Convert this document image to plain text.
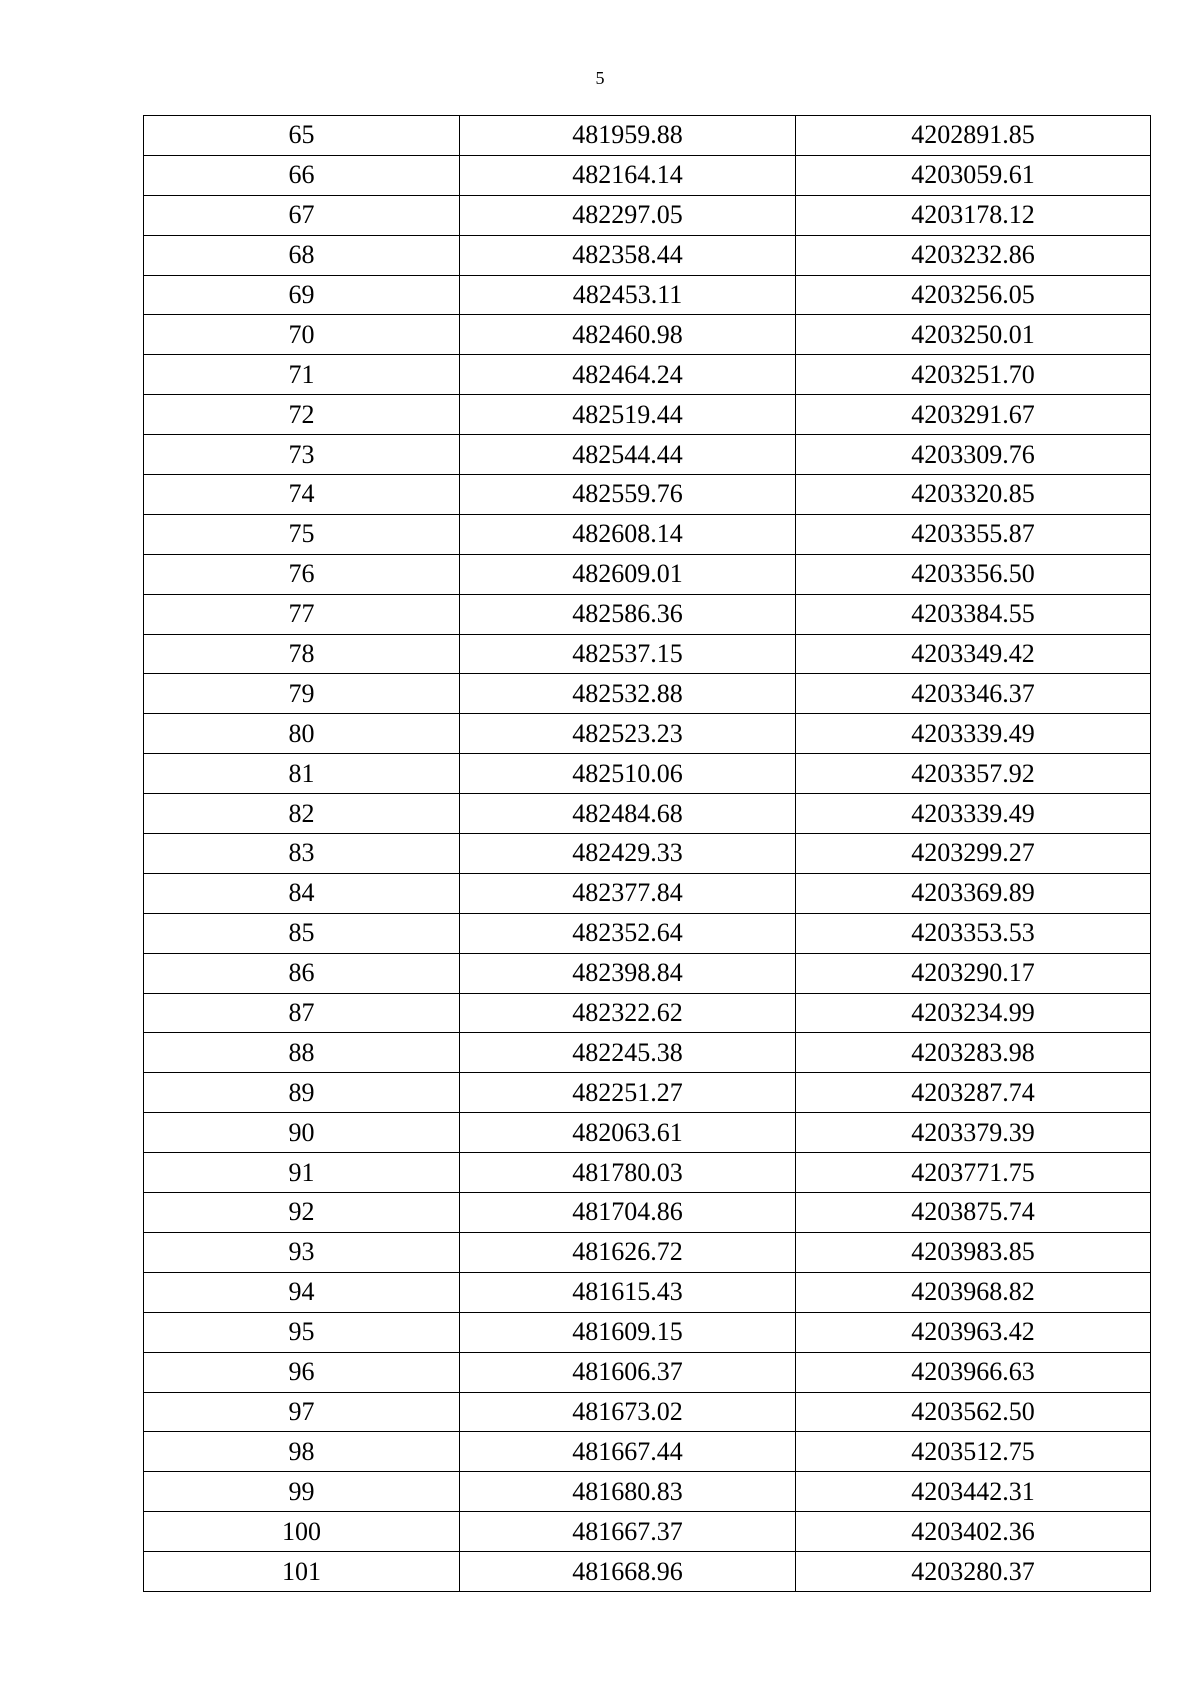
5
65	481959.88	4202891.85
66	482164.14	4203059.61
67	482297.05	4203178.12
68	482358.44	4203232.86
69	482453.11	4203256.05
70	482460.98	4203250.01
71	482464.24	4203251.70
72	482519.44	4203291.67
73	482544.44	4203309.76
74	482559.76	4203320.85
75	482608.14	4203355.87
76	482609.01	4203356.50
77	482586.36	4203384.55
78	482537.15	4203349.42
79	482532.88	4203346.37
80	482523.23	4203339.49
81	482510.06	4203357.92
82	482484.68	4203339.49
83	482429.33	4203299.27
84	482377.84	4203369.89
85	482352.64	4203353.53
86	482398.84	4203290.17
87	482322.62	4203234.99
88	482245.38	4203283.98
89	482251.27	4203287.74
90	482063.61	4203379.39
91	481780.03	4203771.75
92	481704.86	4203875.74
93	481626.72	4203983.85
94	481615.43	4203968.82
95	481609.15	4203963.42
96	481606.37	4203966.63
97	481673.02	4203562.50
98	481667.44	4203512.75
99	481680.83	4203442.31
100	481667.37	4203402.36
101	481668.96	4203280.37
